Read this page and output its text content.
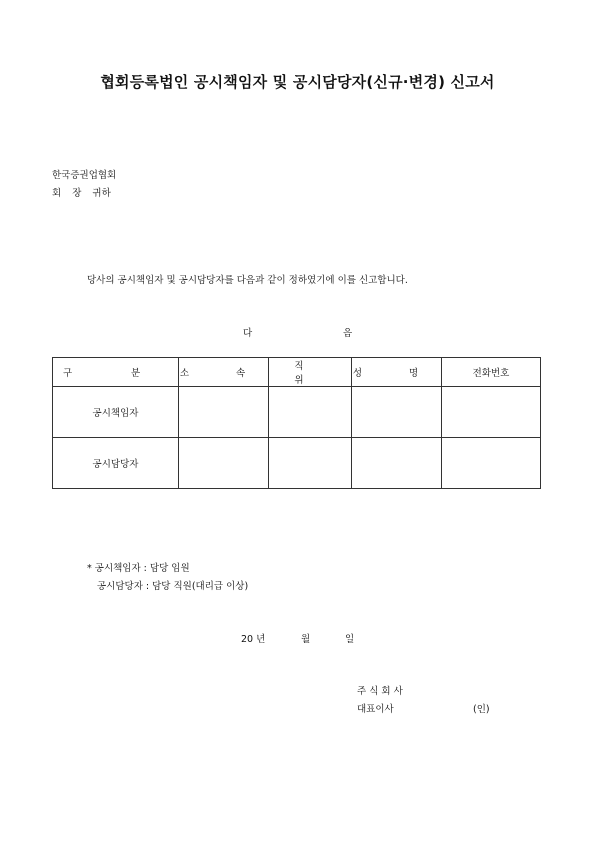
협회등록법인 공시책임자 및 공시담당자(신규·변경) 신고서
한국증권업협회
회 장 귀하
당사의 공시책임자 및 공시담당자를 다음과 같이 정하였기에 이를 신고합니다.
다	음
구 분	소 속	직 위	성 명	전화번호
공시책임자				
공시담당자				
* 공시책임자 : 담당 임원
공시담당자 : 담당 직원(대리급 이상)
20 년	월	일
주 식 회 사
대표이사	(인)
